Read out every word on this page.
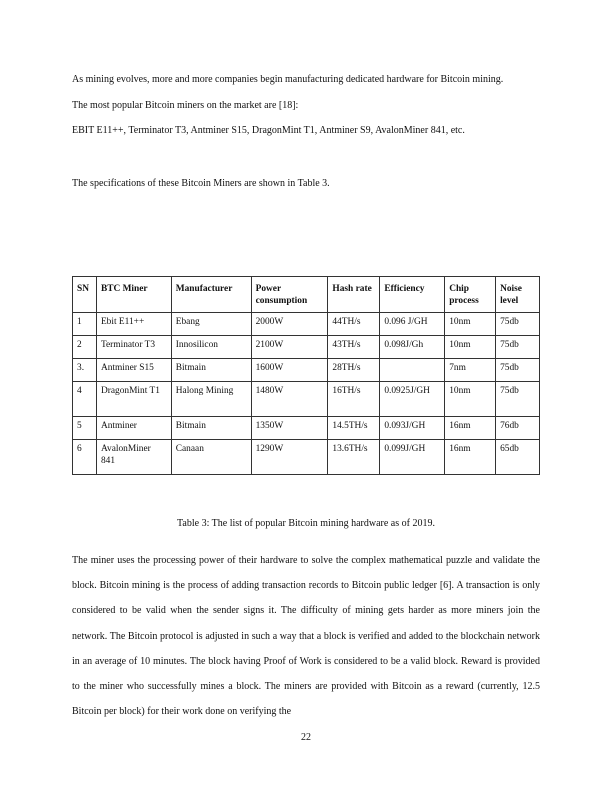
As mining evolves, more and more companies begin manufacturing dedicated hardware for Bitcoin mining.

The most popular Bitcoin miners on the market are [18]:

EBIT E11++, Terminator T3, Antminer S15, DragonMint T1, Antminer S9, AvalonMiner 841, etc.

The specifications of these Bitcoin Miners are shown in Table 3.

SN	BTC Miner	Manufacturer	Power consumption	Hash rate	Efficiency	Chip process	Noise level
1	Ebit E11++	Ebang	2000W	44TH/s	0.096 J/GH	10nm	75db
2	Terminator T3	Innosilicon	2100W	43TH/s	0.098J/Gh	10nm	75db
3.	Antminer S15	Bitmain	1600W	28TH/s		7nm	75db
4	DragonMint T1	Halong Mining	1480W	16TH/s	0.0925J/GH	10nm	75db
5	Antminer	Bitmain	1350W	14.5TH/s	0.093J/GH	16nm	76db
6	AvalonMiner 841	Canaan	1290W	13.6TH/s	0.099J/GH	16nm	65db

Table 3: The list of popular Bitcoin mining hardware as of 2019.

The miner uses the processing power of their hardware to solve the complex mathematical puzzle and validate the block. Bitcoin mining is the process of adding transaction records to Bitcoin public ledger [6]. A transaction is only considered to be valid when the sender signs it. The difficulty of mining gets harder as more miners join the network. The Bitcoin protocol is adjusted in such a way that a block is verified and added to the blockchain network in an average of 10 minutes. The block having Proof of Work is considered to be a valid block. Reward is provided to the miner who successfully mines a block. The miners are provided with Bitcoin as a reward (currently, 12.5 Bitcoin per block) for their work done on verifying the

22
